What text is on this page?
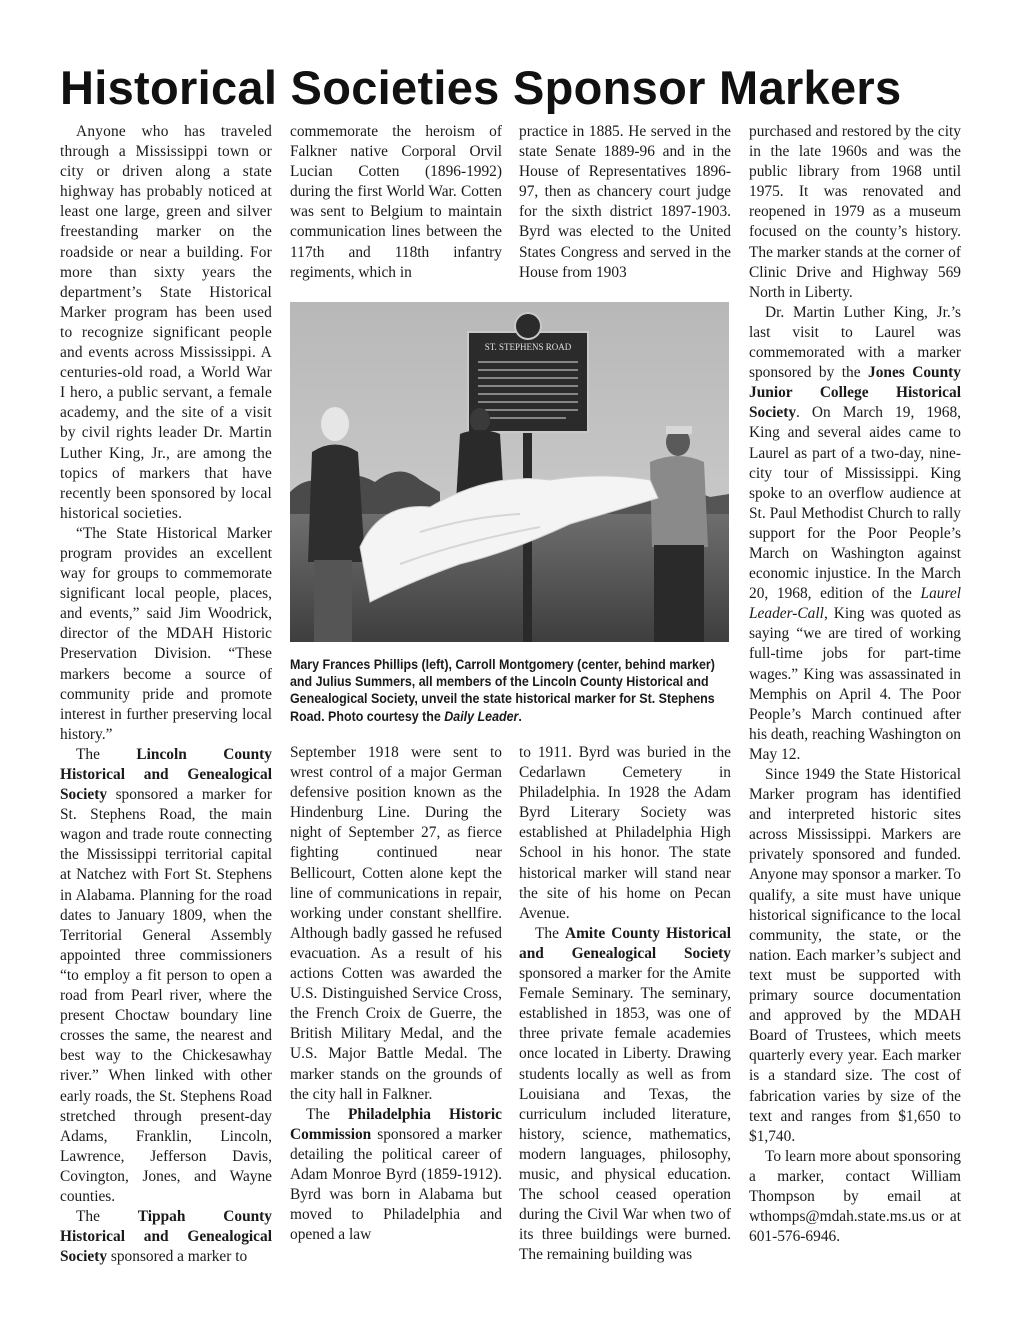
Historical Societies Sponsor Markers

Anyone who has traveled through a Mississippi town or city or driven along a state highway has probably noticed at least one large, green and silver freestanding marker on the roadside or near a building. For more than sixty years the department’s State Historical Marker program has been used to recognize significant people and events across Mississippi. A centuries-old road, a World War I hero, a public servant, a female academy, and the site of a visit by civil rights leader Dr. Martin Luther King, Jr., are among the topics of markers that have recently been sponsored by local historical societies.

“The State Historical Marker program provides an excellent way for groups to commemorate significant local people, places, and events,” said Jim Woodrick, director of the MDAH Historic Preservation Division. “These markers become a source of community pride and promote interest in further preserving local history.”

The Lincoln County Historical and Genealogical Society sponsored a marker for St. Stephens Road, the main wagon and trade route connecting the Mississippi territorial capital at Natchez with Fort St. Stephens in Alabama. Planning for the road dates to January 1809, when the Territorial General Assembly appointed three commissioners “to employ a fit person to open a road from Pearl river, where the present Choctaw boundary line crosses the same, the nearest and best way to the Chickesawhay river.” When linked with other early roads, the St. Stephens Road stretched through present-day Adams, Franklin, Lincoln, Lawrence, Jefferson Davis, Covington, Jones, and Wayne counties.

The Tippah County Historical and Genealogical Society sponsored a marker to

commemorate the heroism of Falkner native Corporal Orvil Lucian Cotten (1896-1992) during the first World War. Cotten was sent to Belgium to maintain communication lines between the 117th and 118th infantry regiments, which in

practice in 1885. He served in the state Senate 1889-96 and in the House of Representatives 1896-97, then as chancery court judge for the sixth district 1897-1903. Byrd was elected to the United States Congress and served in the House from 1903

ST. STEPHENS ROAD
Mary Frances Phillips (left), Carroll Montgomery (center, behind marker) and Julius Summers, all members of the Lincoln County Historical and Genealogical Society, unveil the state historical marker for St. Stephens Road. Photo courtesy the Daily Leader.

September 1918 were sent to wrest control of a major German defensive position known as the Hindenburg Line. During the night of September 27, as fierce fighting continued near Bellicourt, Cotten alone kept the line of communications in repair, working under constant shellfire. Although badly gassed he refused evacuation. As a result of his actions Cotten was awarded the U.S. Distinguished Service Cross, the French Croix de Guerre, the British Military Medal, and the U.S. Major Battle Medal. The marker stands on the grounds of the city hall in Falkner.

The Philadelphia Historic Commission sponsored a marker detailing the political career of Adam Monroe Byrd (1859-1912). Byrd was born in Alabama but moved to Philadelphia and opened a law

to 1911. Byrd was buried in the Cedarlawn Cemetery in Philadelphia. In 1928 the Adam Byrd Literary Society was established at Philadelphia High School in his honor. The state historical marker will stand near the site of his home on Pecan Avenue.

The Amite County Historical and Genealogical Society sponsored a marker for the Amite Female Seminary. The seminary, established in 1853, was one of three private female academies once located in Liberty. Drawing students locally as well as from Louisiana and Texas, the curriculum included literature, history, science, mathematics, modern languages, philosophy, music, and physical education. The school ceased operation during the Civil War when two of its three buildings were burned. The remaining building was

purchased and restored by the city in the late 1960s and was the public library from 1968 until 1975. It was renovated and reopened in 1979 as a museum focused on the county’s history. The marker stands at the corner of Clinic Drive and Highway 569 North in Liberty.

Dr. Martin Luther King, Jr.’s last visit to Laurel was commemorated with a marker sponsored by the Jones County Junior College Historical Society. On March 19, 1968, King and several aides came to Laurel as part of a two-day, nine-city tour of Mississippi. King spoke to an overflow audience at St. Paul Methodist Church to rally support for the Poor People’s March on Washington against economic injustice. In the March 20, 1968, edition of the Laurel Leader-Call, King was quoted as saying “we are tired of working full-time jobs for part-time wages.” King was assassinated in Memphis on April 4. The Poor People’s March continued after his death, reaching Washington on May 12.

Since 1949 the State Historical Marker program has identified and interpreted historic sites across Mississippi. Markers are privately sponsored and funded. Anyone may sponsor a marker. To qualify, a site must have unique historical significance to the local community, the state, or the nation. Each marker’s subject and text must be supported with primary source documentation and approved by the MDAH Board of Trustees, which meets quarterly every year. Each marker is a standard size. The cost of fabrication varies by size of the text and ranges from $1,650 to $1,740.

To learn more about sponsoring a marker, contact William Thompson by email at wthomps@mdah.state.ms.us or at 601-576-6946.
